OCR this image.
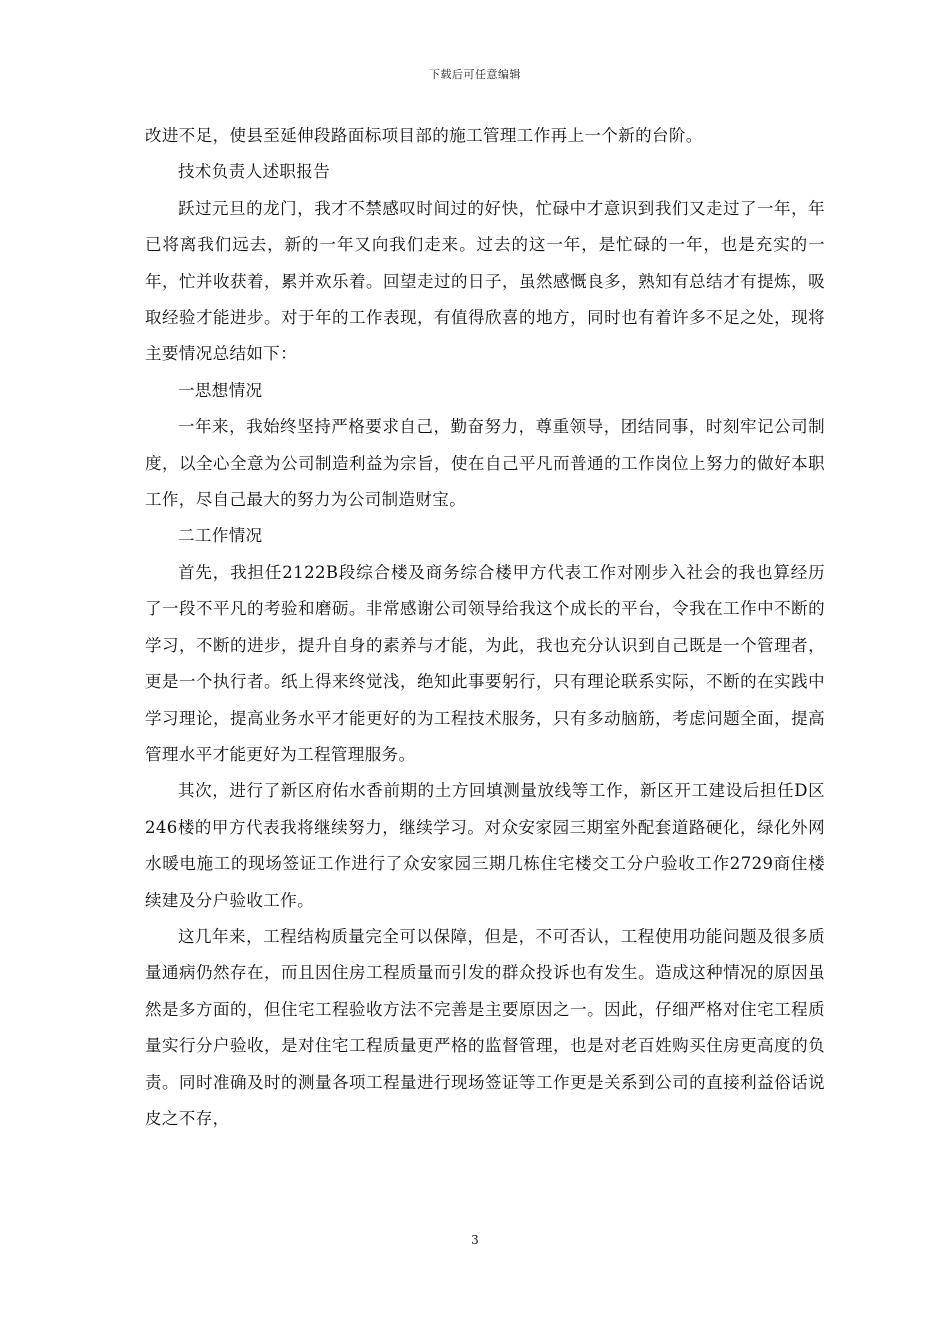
下载后可任意编辑

改进不足，使县至延伸段路面标项目部的施工管理工作再上一个新的台阶。

技术负责人述职报告

跃过元旦的龙门，我才不禁感叹时间过的好快，忙碌中才意识到我们又走过了一年，年已将离我们远去，新的一年又向我们走来。过去的这一年，是忙碌的一年，也是充实的一年，忙并收获着，累并欢乐着。回望走过的日子，虽然感慨良多，熟知有总结才有提炼，吸取经验才能进步。对于年的工作表现，有值得欣喜的地方，同时也有着许多不足之处，现将主要情况总结如下：

一思想情况

一年来，我始终坚持严格要求自己，勤奋努力，尊重领导，团结同事，时刻牢记公司制度，以全心全意为公司制造利益为宗旨，使在自己平凡而普通的工作岗位上努力的做好本职工作，尽自己最大的努力为公司制造财宝。

二工作情况

首先，我担任2122B段综合楼及商务综合楼甲方代表工作对刚步入社会的我也算经历了一段不平凡的考验和磨砺。非常感谢公司领导给我这个成长的平台，令我在工作中不断的学习，不断的进步，提升自身的素养与才能，为此，我也充分认识到自己既是一个管理者，更是一个执行者。纸上得来终觉浅，绝知此事要躬行，只有理论联系实际，不断的在实践中学习理论，提高业务水平才能更好的为工程技术服务，只有多动脑筋，考虑问题全面，提高管理水平才能更好为工程管理服务。

其次，进行了新区府佑水香前期的土方回填测量放线等工作，新区开工建设后担任D区246楼的甲方代表我将继续努力，继续学习。对众安家园三期室外配套道路硬化，绿化外网水暖电施工的现场签证工作进行了众安家园三期几栋住宅楼交工分户验收工作2729商住楼续建及分户验收工作。

这几年来，工程结构质量完全可以保障，但是，不可否认，工程使用功能问题及很多质量通病仍然存在，而且因住房工程质量而引发的群众投诉也有发生。造成这种情况的原因虽然是多方面的，但住宅工程验收方法不完善是主要原因之一。因此，仔细严格对住宅工程质量实行分户验收，是对住宅工程质量更严格的监督管理，也是对老百姓购买住房更高度的负责。同时准确及时的测量各项工程量进行现场签证等工作更是关系到公司的直接利益俗话说皮之不存，

3
